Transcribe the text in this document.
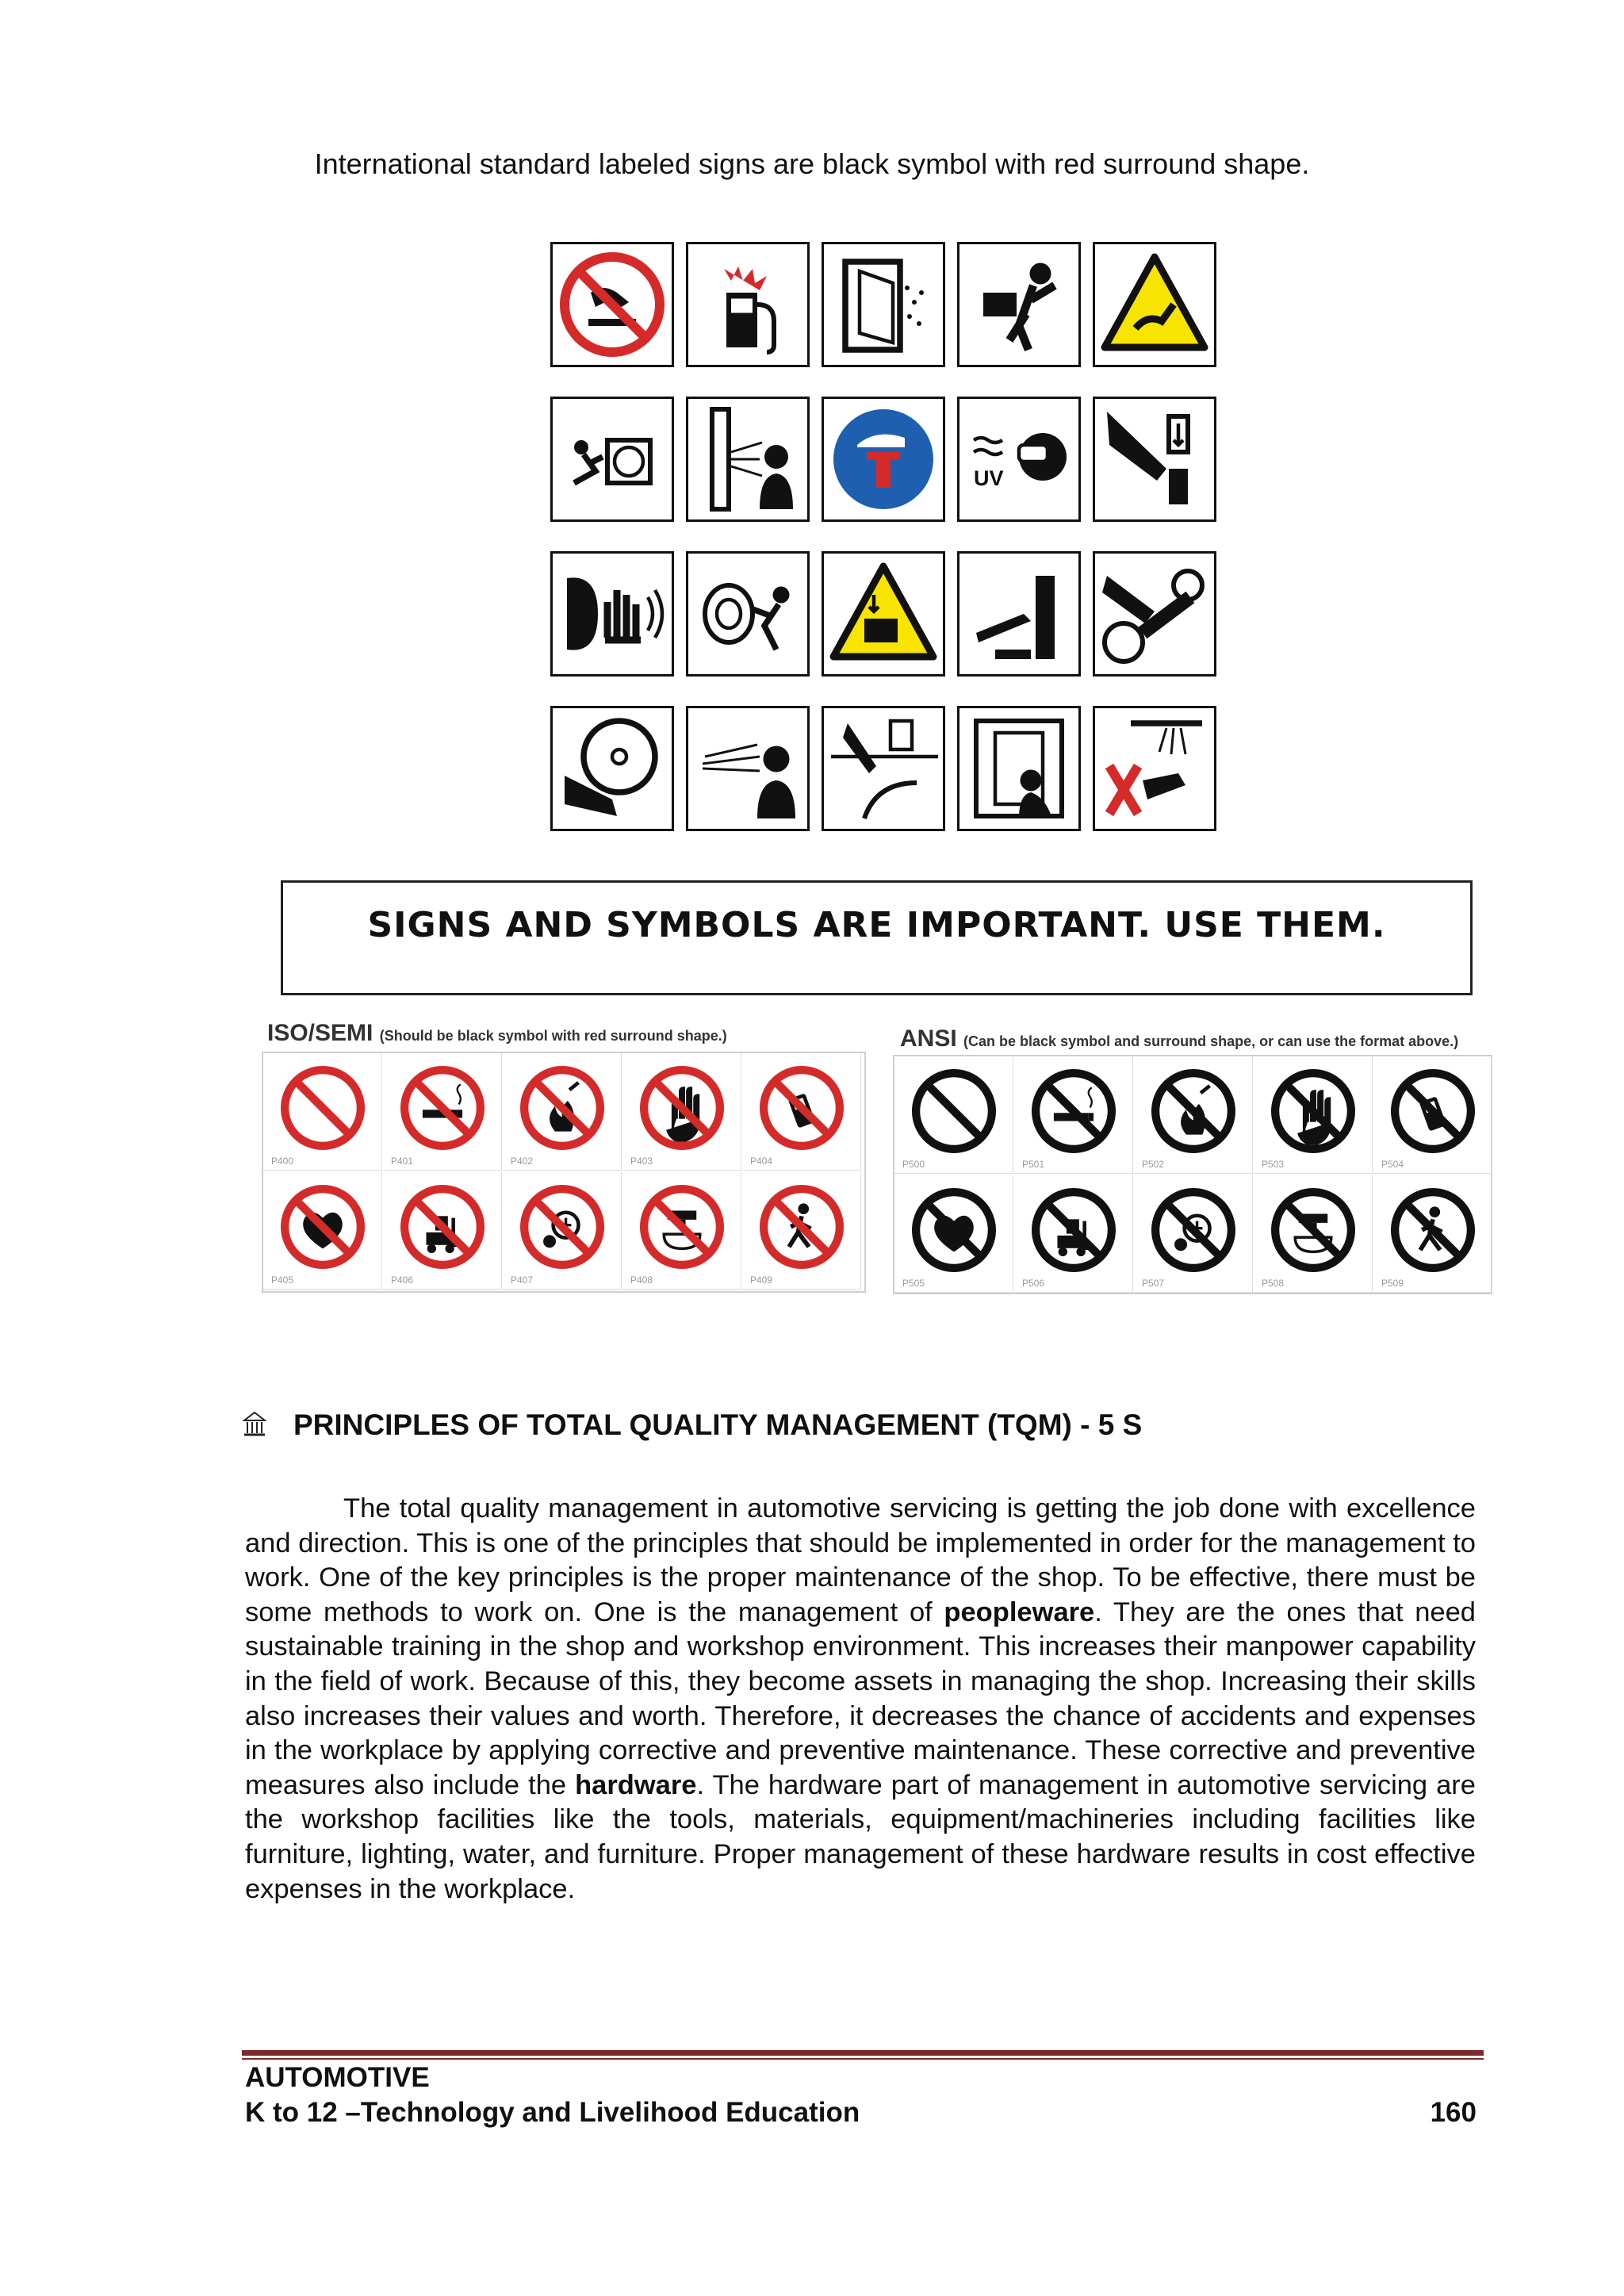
International standard labeled signs are black symbol with red surround shape.
UV
SIGNS AND SYMBOLS ARE IMPORTANT. USE THEM.
ISO/SEMI (Should be black symbol with red surround shape.)
P400	P401	P402	P403	P404
P405	P406	P407	P408	P409
ANSI (Can be black symbol and surround shape, or can use the format above.)
P500	P501	P502	P503	P504
P505	P506	P507	P508	P509
PRINCIPLES OF TOTAL QUALITY MANAGEMENT (TQM) - 5 S
The total quality management in automotive servicing is getting the job done with excellence and direction. This is one of the principles that should be implemented in order for the management to work. One of the key principles is the proper maintenance of the shop. To be effective, there must be some methods to work on. One is the management of peopleware. They are the ones that need sustainable training in the shop and workshop environment. This increases their manpower capability in the field of work. Because of this, they become assets in managing the shop. Increasing their skills also increases their values and worth. Therefore, it decreases the chance of accidents and expenses in the workplace by applying corrective and preventive maintenance. These corrective and preventive measures also include the hardware. The hardware part of management in automotive servicing are the workshop facilities like the tools, materials, equipment/machineries including facilities like furniture, lighting, water, and furniture. Proper management of these hardware results in cost effective expenses in the workplace.
AUTOMOTIVE
K to 12 –Technology and Livelihood Education	160
